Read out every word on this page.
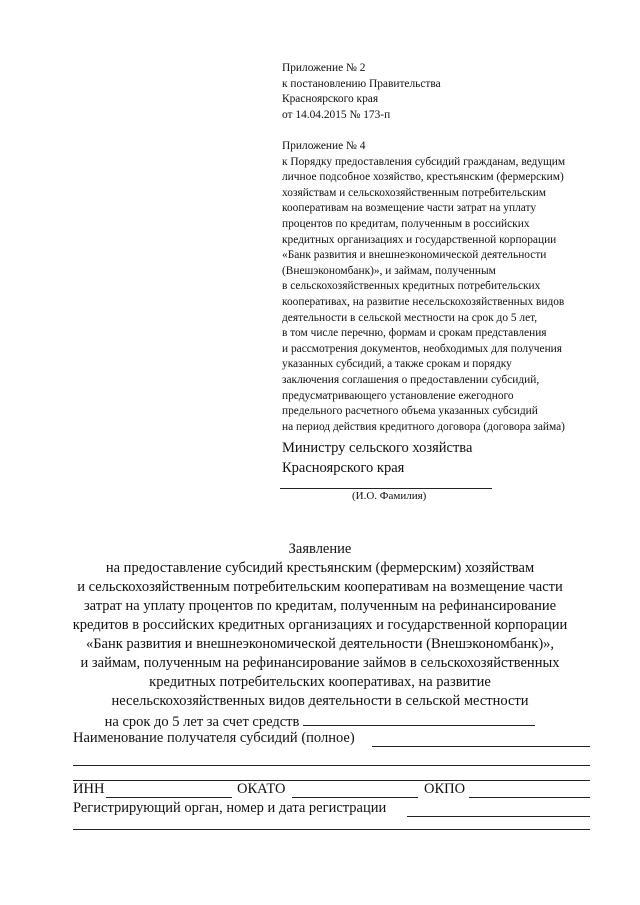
Приложение № 2
к постановлению Правительства
Красноярского края
от 14.04.2015 № 173-п
Приложение № 4
к Порядку предоставления субсидий гражданам, ведущим
личное подсобное хозяйство, крестьянским (фермерским)
хозяйствам и сельскохозяйственным потребительским
кооперативам на возмещение части затрат на уплату
процентов по кредитам, полученным в российских
кредитных организациях и государственной корпорации
«Банк развития и внешнеэкономической деятельности
(Внешэкономбанк)», и займам, полученным
в сельскохозяйственных кредитных потребительских
кооперативах, на развитие несельскохозяйственных видов
деятельности в сельской местности на срок до 5 лет,
в том числе перечню, формам и срокам представления
и рассмотрения документов, необходимых для получения
указанных субсидий, а также срокам и порядку
заключения соглашения о предоставлении субсидий,
предусматривающего установление ежегодного
предельного расчетного объема указанных субсидий
на период действия кредитного договора (договора займа)
Министру сельского хозяйства
Красноярского края
(И.О. Фамилия)
Заявление
на предоставление субсидий крестьянским (фермерским) хозяйствам
и сельскохозяйственным потребительским кооперативам на возмещение части
затрат на уплату процентов по кредитам, полученным на рефинансирование
кредитов в российских кредитных организациях и государственной корпорации
«Банк развития и внешнеэкономической деятельности (Внешэкономбанк)»,
и займам, полученным на рефинансирование займов в сельскохозяйственных
кредитных потребительских кооперативах, на развитие
несельскохозяйственных видов деятельности в сельской местности
на срок до 5 лет за счет средств
Наименование получателя субсидий (полное)
ИНН	ОКАТО	ОКПО
Регистрирующий орган, номер и дата регистрации
